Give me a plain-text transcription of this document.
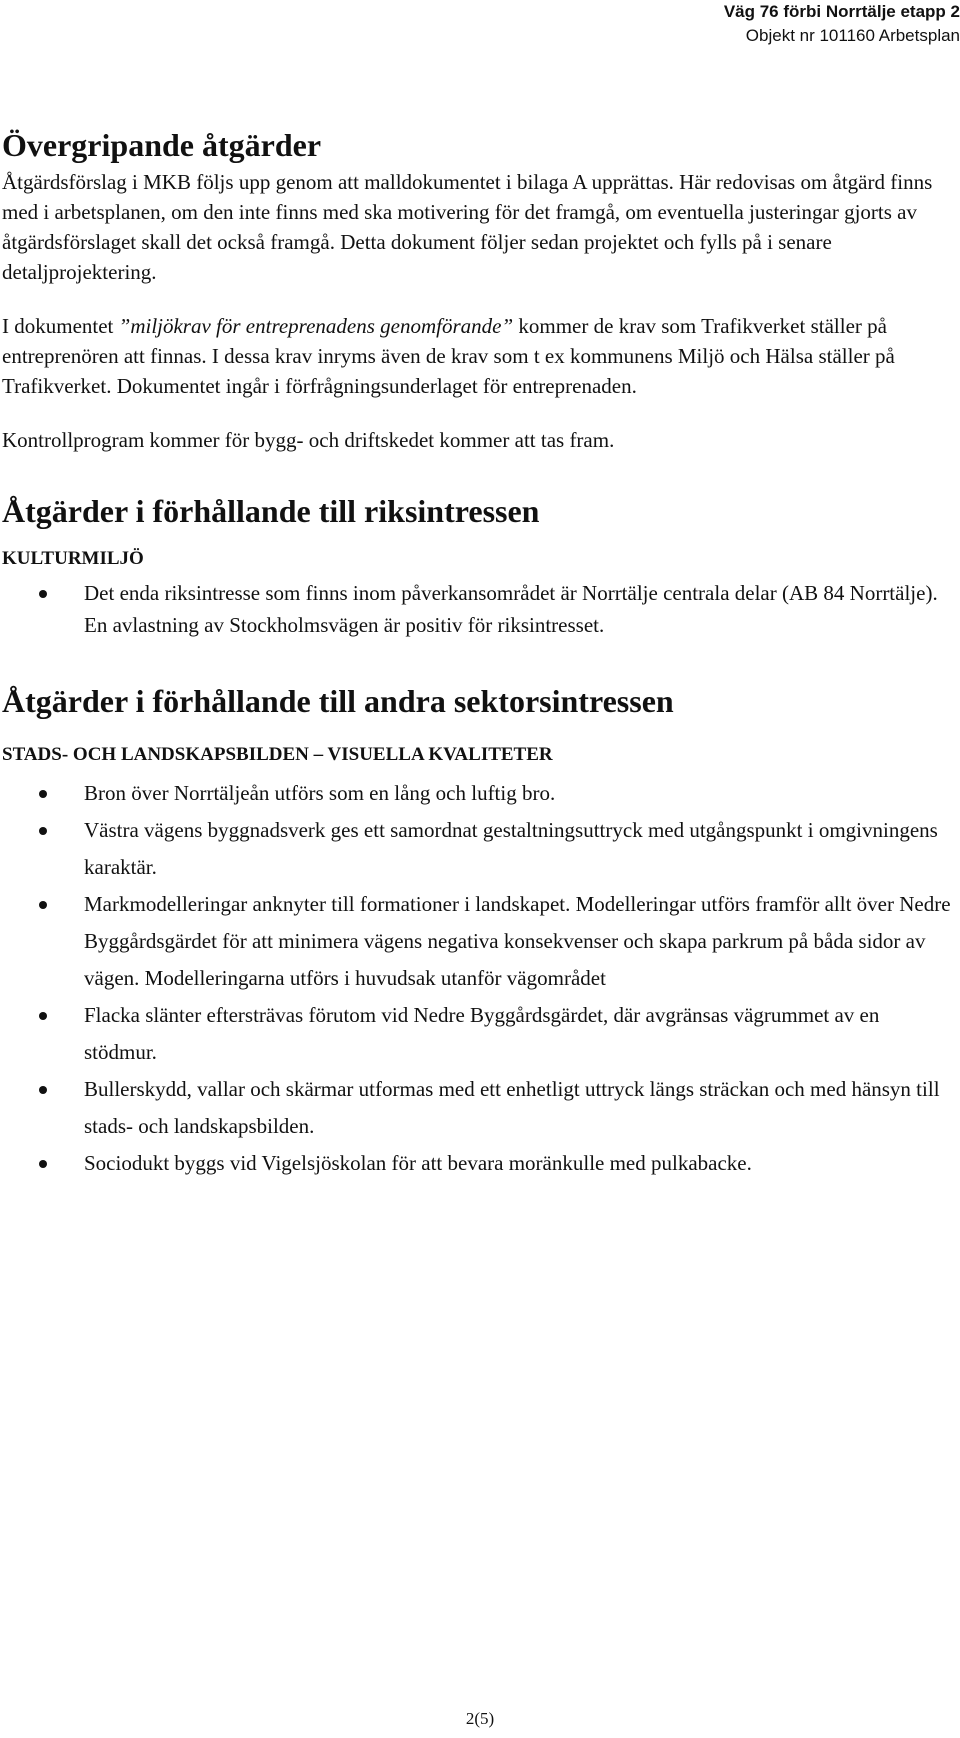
Väg 76 förbi Norrtälje etapp 2
Objekt nr 101160 Arbetsplan
Övergripande åtgärder

Åtgärdsförslag i MKB följs upp genom att malldokumentet i bilaga A upprättas. Här redovisas om åtgärd finns med i arbetsplanen, om den inte finns med ska motivering för det framgå, om eventuella justeringar gjorts av åtgärdsförslaget skall det också framgå. Detta dokument följer sedan projektet och fylls på i senare detaljprojektering.

I dokumentet ”miljökrav för entreprenadens genomförande” kommer de krav som Trafikverket ställer på entreprenören att finnas. I dessa krav inryms även de krav som t ex kommunens Miljö och Hälsa ställer på Trafikverket. Dokumentet ingår i förfrågningsunderlaget för entreprenaden.

Kontrollprogram kommer för bygg- och driftskedet kommer att tas fram.

Åtgärder i förhållande till riksintressen
KULTURMILJÖ
Det enda riksintresse som finns inom påverkansområdet är Norrtälje centrala delar (AB 84 Norrtälje). En avlastning av Stockholmsvägen är positiv för riksintresset.
Åtgärder i förhållande till andra sektorsintressen
STADS- OCH LANDSKAPSBILDEN – VISUELLA KVALITETER
Bron över Norrtäljeån utförs som en lång och luftig bro.
Västra vägens byggnadsverk ges ett samordnat gestaltningsuttryck med utgångspunkt i omgivningens karaktär.
Markmodelleringar anknyter till formationer i landskapet. Modelleringar utförs framför allt över Nedre Byggårdsgärdet för att minimera vägens negativa konsekvenser och skapa parkrum på båda sidor av vägen. Modelleringarna utförs i huvudsak utanför vägområdet
Flacka slänter eftersträvas förutom vid Nedre Byggårdsgärdet, där avgränsas vägrummet av en stödmur.
Bullerskydd, vallar och skärmar utformas med ett enhetligt uttryck längs sträckan och med hänsyn till stads- och landskapsbilden.
Sociodukt byggs vid Vigelsjöskolan för att bevara moränkulle med pulkabacke.
2(5)
